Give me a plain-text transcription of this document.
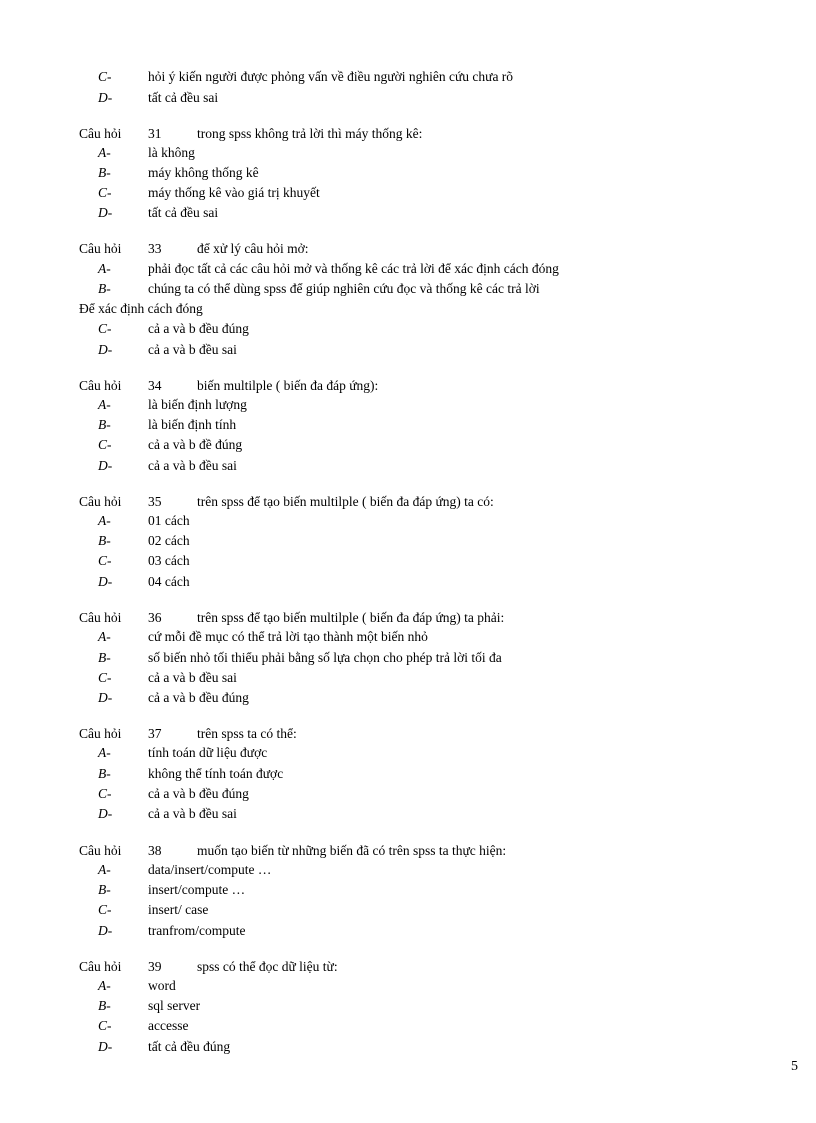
C-	hỏi ý kiến người được phỏng vấn về điều người nghiên cứu chưa rõ
D-	tất cả đều sai
Câu hỏi 31	trong spss không trả lời thì máy thống kê:
A-	là không
B-	máy không thống kê
C-	máy thống kê vào giá trị khuyết
D-	tất cả đều sai
Câu hỏi 33	để xử lý câu hỏi mở:
A-	phải đọc tất cả các câu hỏi mở và thống kê các trả lời để xác định cách đóng
B-	chúng ta có thể dùng spss để giúp nghiên cứu đọc và thống kê các trả lời
Để xác định cách đóng
C-	cả a và b đều đúng
D-	cả a và b đều sai
Câu hỏi 34	biến multilple ( biến đa đáp ứng):
A-	là biến định lượng
B-	là biến định tính
C-	cả a và b đề đúng
D-	cả a và b đều sai
Câu hỏi 35	trên spss để tạo biến multilple ( biến đa đáp ứng) ta có:
A-	01 cách
B-	02 cách
C-	03 cách
D-	04 cách
Câu hỏi 36	trên spss để tạo biến multilple ( biến đa đáp ứng) ta phải:
A-	cứ mỗi đề mục có thể trả lời tạo thành một biến nhỏ
B-	số biến nhỏ tối thiểu phải bằng số lựa chọn cho phép trả lời tối đa
C-	cả a và b đều sai
D-	cả a và b đều đúng
Câu hỏi 37	trên spss ta có thể:
A-	tính toán dữ liệu được
B-	không thể tính toán được
C-	cả a và b đều đúng
D-	cả a và b đều sai
Câu hỏi 38	muốn tạo biến từ những biến đã có trên spss ta thực hiện:
A-	data/insert/compute …
B-	insert/compute …
C-	insert/ case
D-	tranfrom/compute
Câu hỏi 39	spss có thể đọc dữ liệu từ:
A-	word
B-	sql server
C-	accesse
D-	tất cả đều đúng
5
